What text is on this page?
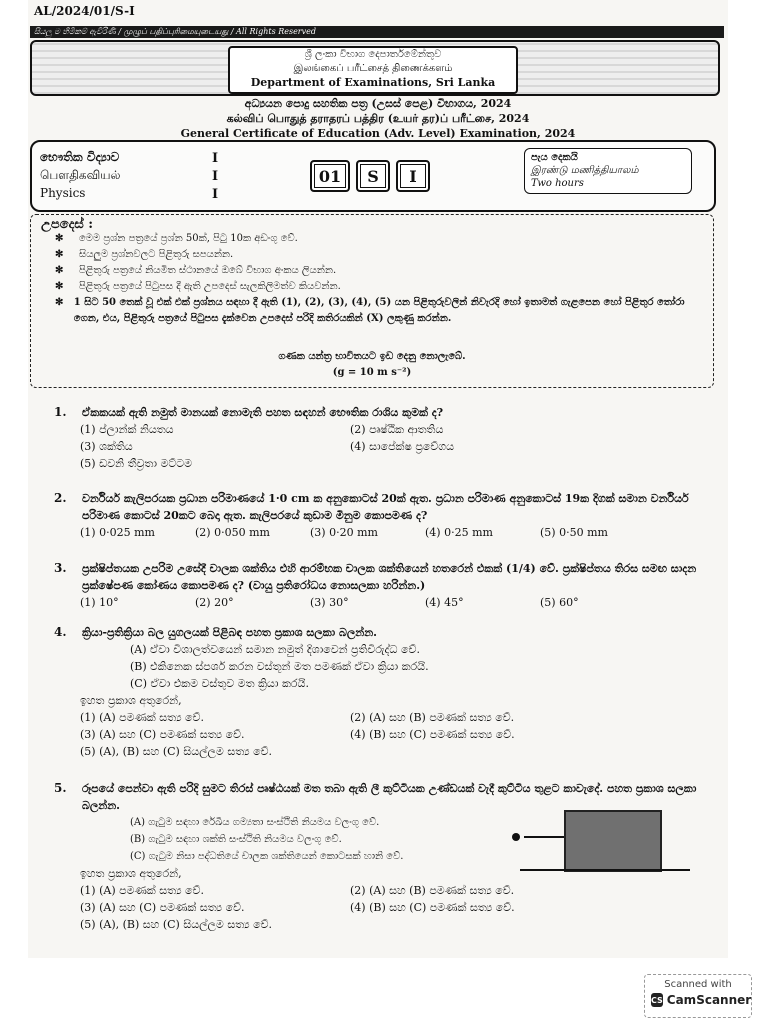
AL/2024/01/S-I
සියලු ම හිමිකම් ඇවිරිණි / முழுப் பதிப்புரிமையுடையது / All Rights Reserved
ශ්‍රී ලංකා විභාග දෙපාර්තමේන්තුව
இலங்கைப் பரீட்சைத் திணைக்களம்
Department of Examinations, Sri Lanka
අධ්‍යයන පොදු සහතික පත්‍ර (උසස් පෙළ) විභාගය, 2024
கல்விப் பொதுத் தராதரப் பத்திர (உயர் தர)ப் பரீட்சை, 2024
General Certificate of Education (Adv. Level) Examination, 2024
භෞතික විද්‍යාව
பௌதிகவியல்
Physics
I
I
I
01	S	I
පැය දෙකයි
இரண்டு மணித்தியாலம்
Two hours
උපදෙස් :
✻	මෙම ප්‍රශ්න පත්‍රයේ ප්‍රශ්න 50ක්, පිටු 10ක අඩංගු වේ.
✻	සියලුම ප්‍රශ්නවලට පිළිතුරු සපයන්න.
✻	පිළිතුරු පත්‍රයේ නියමිත ස්ථානයේ ඔබේ විභාග අංකය ලියන්න.
✻	පිළිතුරු පත්‍රයේ පිටුපස දී ඇති උපදෙස් සැලකිලිමත්ව කියවන්න.
✻ 1 සිට 50 තෙක් වූ එක් එක් ප්‍රශ්නය සඳහා දී ඇති (1), (2), (3), (4), (5) යන පිළිතුරුවලින් නිවැරදි හෝ ඉතාමත් ගැළපෙන හෝ පිළිතුර තෝරා ගෙන, එය, පිළිතුරු පත්‍රයේ පිටුපස දැක්වෙන උපදෙස් පරිදි කතිරයකින් (X) ලකුණු කරන්න.
ගණක යන්ත්‍ර භාවිතයට ඉඩ දෙනු නොලැබේ.
(g = 10 m s⁻²)
1. ඒකකයක් ඇති නමුත් මානයක් නොමැති පහත සඳහන් භෞතික රාශිය කුමක් ද?
(1) ප්ලාන්ක් නියතය	(2) පෘෂ්ඨික ආතතිය
(3) ශක්තිය	(4) සාපේක්ෂ ප්‍රවේගය
(5) ඩවනි තීව්‍රතා මට්ටම
2. වර්නියර් කැලිපරයක ප්‍රධාන පරිමාණයේ 1·0 cm ක අනුකොටස් 20ක් ඇත. ප්‍රධාන පරිමාණ අනුකොටස් 19ක දිගක් සමාන වර්නියර් පරිමාණ කොටස් 20කට බෙදා ඇත. කැලිපරයේ කුඩාම මිනුම කොපමණ ද?
(1) 0·025 mm	(2) 0·050 mm	(3) 0·20 mm	(4) 0·25 mm	(5) 0·50 mm
3. ප්‍රක්ෂිප්තයක උපරිම උසේදී චාලක ශක්තිය එහි ආරම්භක චාලක ශක්තියෙන් හතරෙන් එකක් (1/4) වේ. ප්‍රක්ෂිප්තය තිරස සමඟ සාදන ප්‍රක්ෂේපණ කෝණය කොපමණ ද? (වායු ප්‍රතිරෝධය නොසලකා හරින්න.)
(1) 10°	(2) 20°	(3) 30°	(4) 45°	(5) 60°
4. ක්‍රියා-ප්‍රතික්‍රියා බල යුගලයක් පිළිබඳ පහත ප්‍රකාශ සලකා බලන්න.
(A) ඒවා විශාලත්වයෙන් සමාන නමුත් දිශාවෙන් ප්‍රතිවිරුද්ධ වේ.
(B) එකිනෙක ස්පර්ශ කරන වස්තූන් මත පමණක් ඒවා ක්‍රියා කරයි.
(C) ඒවා එකම වස්තුව මත ක්‍රියා කරයි.
ඉහත ප්‍රකාශ අතුරෙන්,
(1) (A) පමණක් සත්‍ය වේ.	(2) (A) සහ (B) පමණක් සත්‍ය වේ.
(3) (A) සහ (C) පමණක් සත්‍ය වේ.	(4) (B) සහ (C) පමණක් සත්‍ය වේ.
(5) (A), (B) සහ (C) සියල්ලම සත්‍ය වේ.
5. රූපයේ පෙන්වා ඇති පරිදි සුමට තිරස් පෘෂ්ඨයක් මත තබා ඇති ලී කුට්ටියක උණ්ඩයක් වැදී කුට්ටිය තුළට කාවැදේ. පහත ප්‍රකාශ සලකා බලන්න.
(A) ගැටුම සඳහා රේඛීය ගම්‍යතා සංස්ථිති නියමය වලංගු වේ.
(B) ගැටුම සඳහා ශක්ති සංස්ථිති නියමය වලංගු වේ.
(C) ගැටුම නිසා පද්ධතියේ චාලක ශක්තියෙන් කොටසක් හානි වේ.
ඉහත ප්‍රකාශ අතුරෙන්,
(1) (A) පමණක් සත්‍ය වේ.	(2) (A) සහ (B) පමණක් සත්‍ය වේ.
(3) (A) සහ (C) පමණක් සත්‍ය වේ.	(4) (B) සහ (C) පමණක් සත්‍ය වේ.
(5) (A), (B) සහ (C) සියල්ලම සත්‍ය වේ.
Scanned with
CS CamScanner
